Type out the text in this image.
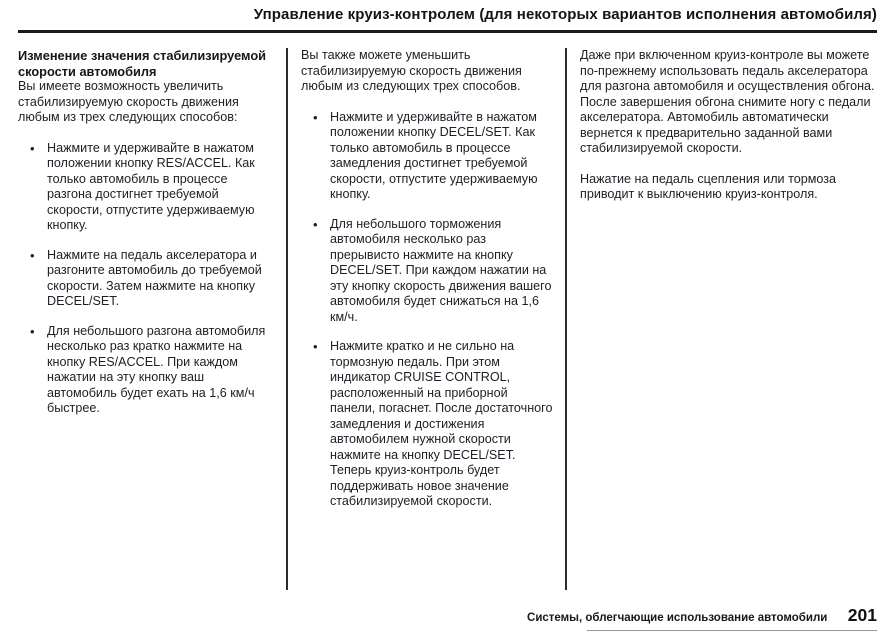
Управление круиз-контролем (для некоторых вариантов исполнения автомобиля)
Изменение значения стабилизируемой скорости автомобиля

Вы имеете возможность увеличить стабилизируемую скорость движения любым из трех следующих способов:

• Нажмите и удерживайте в нажатом положении кнопку RES/ACCEL. Как только автомобиль в процессе разгона достигнет требуемой скорости, отпустите удерживаемую кнопку.
• Нажмите на педаль акселератора и разгоните автомобиль до требуемой скорости. Затем нажмите на кнопку DECEL/SET.
• Для небольшого разгона автомобиля несколько раз кратко нажмите на кнопку RES/ACCEL. При каждом нажатии на эту кнопку ваш автомобиль будет ехать на 1,6 км/ч быстрее.

Вы также можете уменьшить стабилизируемую скорость движения любым из следующих трех способов.

• Нажмите и удерживайте в нажатом положении кнопку DECEL/SET. Как только автомобиль в процессе замедления достигнет требуемой скорости, отпустите удерживаемую кнопку.
• Для небольшого торможения автомобиля несколько раз прерывисто нажмите на кнопку DECEL/SET. При каждом нажатии на эту кнопку скорость движения вашего автомобиля будет снижаться на 1,6 км/ч.
• Нажмите кратко и не сильно на тормозную педаль. При этом индикатор CRUISE CONTROL, расположенный на приборной панели, погаснет. После достаточного замедления и достижения автомобилем нужной скорости нажмите на кнопку DECEL/SET. Теперь круиз-контроль будет поддерживать новое значение стабилизируемой скорости.

Даже при включенном круиз-контроле вы можете по-прежнему использовать педаль акселератора для разгона автомобиля и осуществления обгона. После завершения обгона снимите ногу с педали акселератора. Автомобиль автоматически вернется к предварительно заданной вами стабилизируемой скорости.

Нажатие на педаль сцепления или тормоза приводит к выключению круиз-контроля.

Системы, облегчающие использование автомобили 201
